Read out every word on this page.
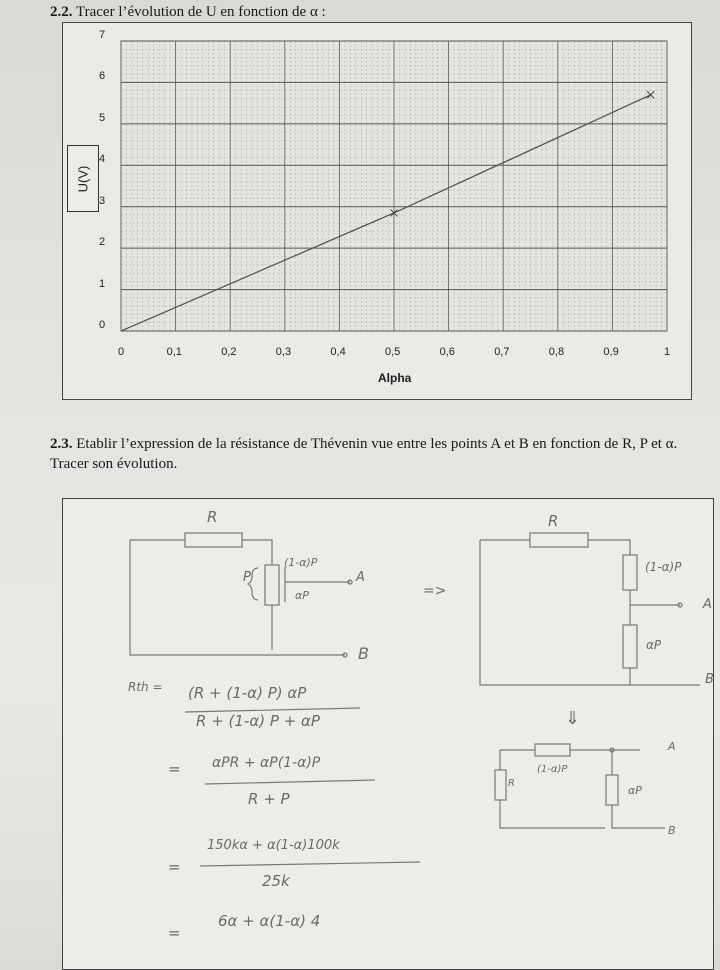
2.2. Tracer l’évolution de U en fonction de α :
U(V)
0	0,1	0,2	0,3	0,4	0,5	0,6	0,7	0,8	0,9	1
0
1
2
3
4
5
6
7
Alpha
2.3. Etablir l’expression de la résistance de Thévenin vue entre les points A et B en fonction de R, P et α. Tracer son évolution.
R
P
(1-α)P
αP
A
B
=>
R
(1-α)P
A
αP
B
⇓
R
(1-α)P
A
αP
B
Rth = (R + (1-α) P) αP
R + (1-α) P + αP
= αPR + αP(1-α)P
R + P
=
150kα + α(1-α)100k
25k
=
6α + α(1-α) 4
